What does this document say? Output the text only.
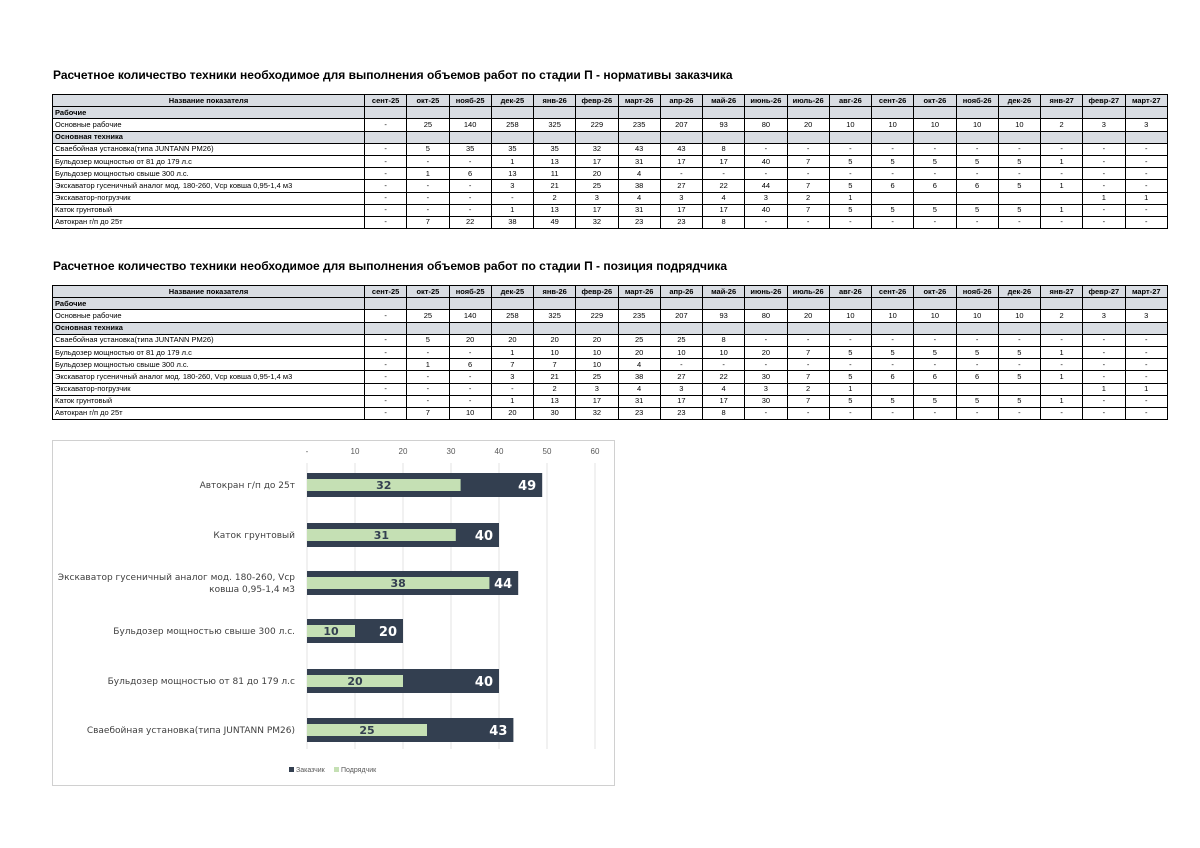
Расчетное количество техники необходимое для выполнения объемов работ по стадии П - нормативы заказчика
Название показателя	сент-25	окт-25	нояб-25	дек-25	янв-26	февр-26	март-26	апр-26	май-26	июнь-26	июль-26	авг-26	сент-26	окт-26	нояб-26	дек-26	янв-27	февр-27	март-27
Рабочие																			
Основные рабочие	-	25	140	258	325	229	235	207	93	80	20	10	10	10	10	10	2	3	3
Основная техника																			
Сваебойная установка(типа JUNTANN PM26)	-	5	35	35	35	32	43	43	8	-	-	-	-	-	-	-	-	-	-
Бульдозер мощностью от 81 до 179 л.с	-	-	-	1	13	17	31	17	17	40	7	5	5	5	5	5	1	-	-
Бульдозер мощностью свыше 300 л.с.	-	1	6	13	11	20	4	-	-	-	-	-	-	-	-	-	-	-	-
Экскаватор гусеничный аналог мод. 180-260, Vср ковша 0,95-1,4 м3	-	-	-	3	21	25	38	27	22	44	7	5	6	6	6	5	1	-	-
Экскаватор-погрузчик	-	-	-	-	2	3	4	3	4	3	2	1						1	1
Каток грунтовый	-	-	-	1	13	17	31	17	17	40	7	5	5	5	5	5	1	-	-
Автокран г/п до 25т	-	7	22	38	49	32	23	23	8	-	-	-	-	-	-	-	-	-	-
Расчетное количество техники необходимое для выполнения объемов работ по стадии П - позиция подрядчика
Название показателя	сент-25	окт-25	нояб-25	дек-25	янв-26	февр-26	март-26	апр-26	май-26	июнь-26	июль-26	авг-26	сент-26	окт-26	нояб-26	дек-26	янв-27	февр-27	март-27
Рабочие																			
Основные рабочие	-	25	140	258	325	229	235	207	93	80	20	10	10	10	10	10	2	3	3
Основная техника																			
Сваебойная установка(типа JUNTANN PM26)	-	5	20	20	20	20	25	25	8	-	-	-	-	-	-	-	-	-	-
Бульдозер мощностью от 81 до 179 л.с	-	-	-	1	10	10	20	10	10	20	7	5	5	5	5	5	1	-	-
Бульдозер мощностью свыше 300 л.с.	-	1	6	7	7	10	4	-	-	-	-	-	-	-	-	-	-	-	-
Экскаватор гусеничный аналог мод. 180-260, Vср ковша 0,95-1,4 м3	-	-	-	3	21	25	38	27	22	30	7	5	6	6	6	5	1	-	-
Экскаватор-погрузчик	-	-	-	-	2	3	4	3	4	3	2	1						1	1
Каток грунтовый	-	-	-	1	13	17	31	17	17	30	7	5	5	5	5	5	1	-	-
Автокран г/п до 25т	-	7	10	20	30	32	23	23	8	-	-	-	-	-	-	-	-	-	-
-	10	20	30	40	50	60
49
32
Автокран г/п до 25т
40
31
Каток грунтовый
44
38
Экскаватор гусеничный аналог мод. 180-260, Vср
ковша 0,95-1,4 м3
20
10
Бульдозер мощностью свыше 300 л.с.
40
20
Бульдозер мощностью от 81 до 179 л.с
43
25
Сваебойная установка(типа JUNTANN PM26)
Заказчик Подрядчик
